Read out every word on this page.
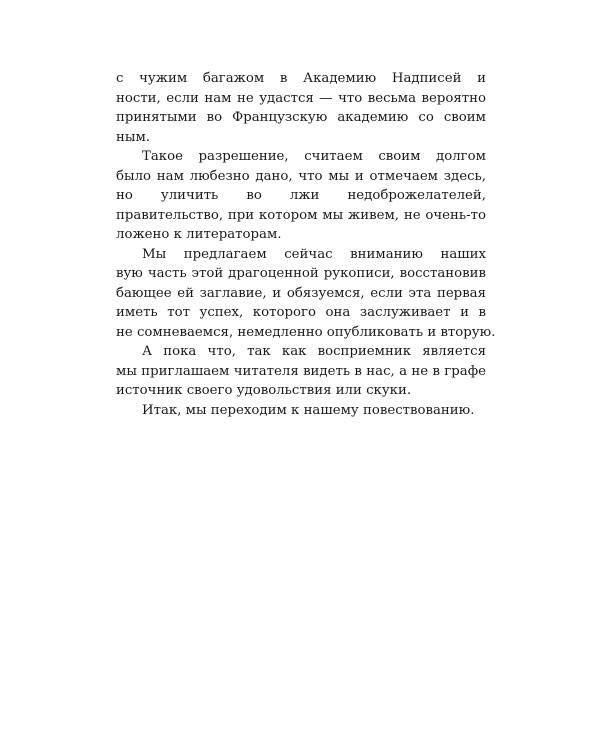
с чужим багажом в Академию Надписей и
ности, если нам не удастся — что весьма вероятно
принятыми во Французскую академию со своим
ным.
Такое разрешение, считаем своим долгом
было нам любезно дано, что мы и отмечаем здесь,
но уличить во лжи недоброжелателей,
правительство, при котором мы живем, не очень-то
ложено к литераторам.
Мы предлагаем сейчас вниманию наших
вую часть этой драгоценной рукописи, восстановив
бающее ей заглавие, и обязуемся, если эта первая
иметь тот успех, которого она заслуживает и в
не сомневаемся, немедленно опубликовать и вторую.
А пока что, так как восприемник является
мы приглашаем читателя видеть в нас, а не в графе
источник своего удовольствия или скуки.
Итак, мы переходим к нашему повествованию.
